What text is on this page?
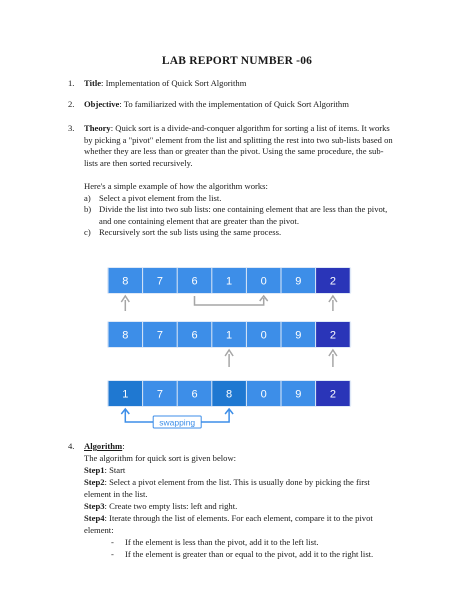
LAB REPORT NUMBER -06
1. Title: Implementation of Quick Sort Algorithm
2. Objective: To familiarized with the implementation of Quick Sort Algorithm
3. Theory: Quick sort is a divide-and-conquer algorithm for sorting a list of items. It works
by picking a "pivot" element from the list and splitting the rest into two sub-lists based on
whether they are less than or greater than the pivot. Using the same procedure, the sub-
lists are then sorted recursively.
Here's a simple example of how the algorithm works:
a) Select a pivot element from the list.
b) Divide the list into two sub lists: one containing element that are less than the pivot,
and one containing element that are greater than the pivot.
c) Recursively sort the sub lists using the same process.
8	7	6	1	0	9	2
8	7	6	1	0	9	2
1	7	6	8	0	9	2
swapping
4. Algorithm:
The algorithm for quick sort is given below:
Step1: Start
Step2: Select a pivot element from the list. This is usually done by picking the first
element in the list.
Step3: Create two empty lists: left and right.
Step4: Iterate through the list of elements. For each element, compare it to the pivot
element:
- If the element is less than the pivot, add it to the left list.
- If the element is greater than or equal to the pivot, add it to the right list.
